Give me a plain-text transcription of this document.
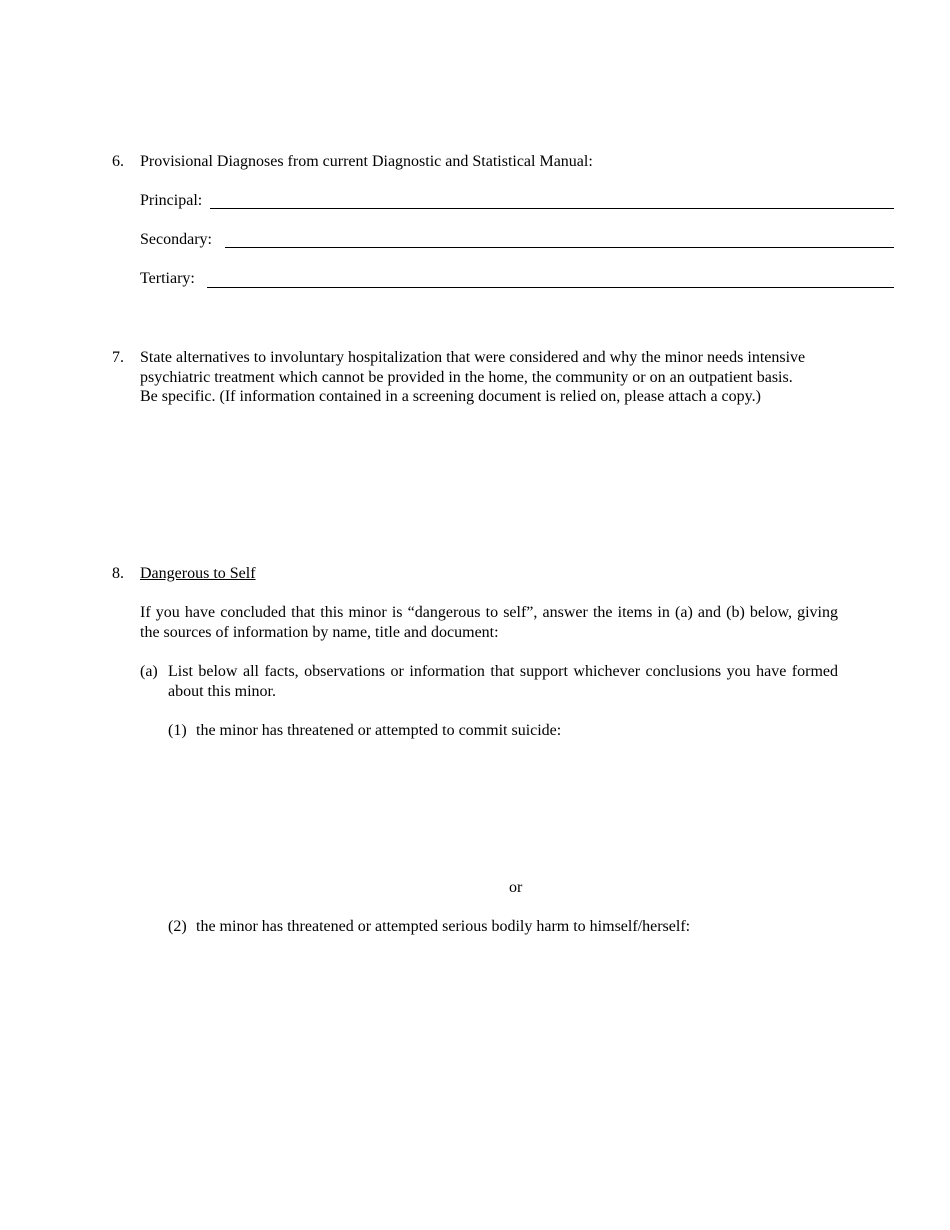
6. Provisional Diagnoses from current Diagnostic and Statistical Manual:
Principal:
Secondary:
Tertiary:
7. State alternatives to involuntary hospitalization that were considered and why the minor needs intensive
psychiatric treatment which cannot be provided in the home, the community or on an outpatient basis.
Be specific. (If information contained in a screening document is relied on, please attach a copy.)
8. Dangerous to Self
If you have concluded that this minor is “dangerous to self”, answer the items in (a) and (b) below, giving the sources of information by name, title and document:
(a) List below all facts, observations or information that support whichever conclusions you have formed about this minor.
(1) the minor has threatened or attempted to commit suicide:
or
(2) the minor has threatened or attempted serious bodily harm to himself/herself:
